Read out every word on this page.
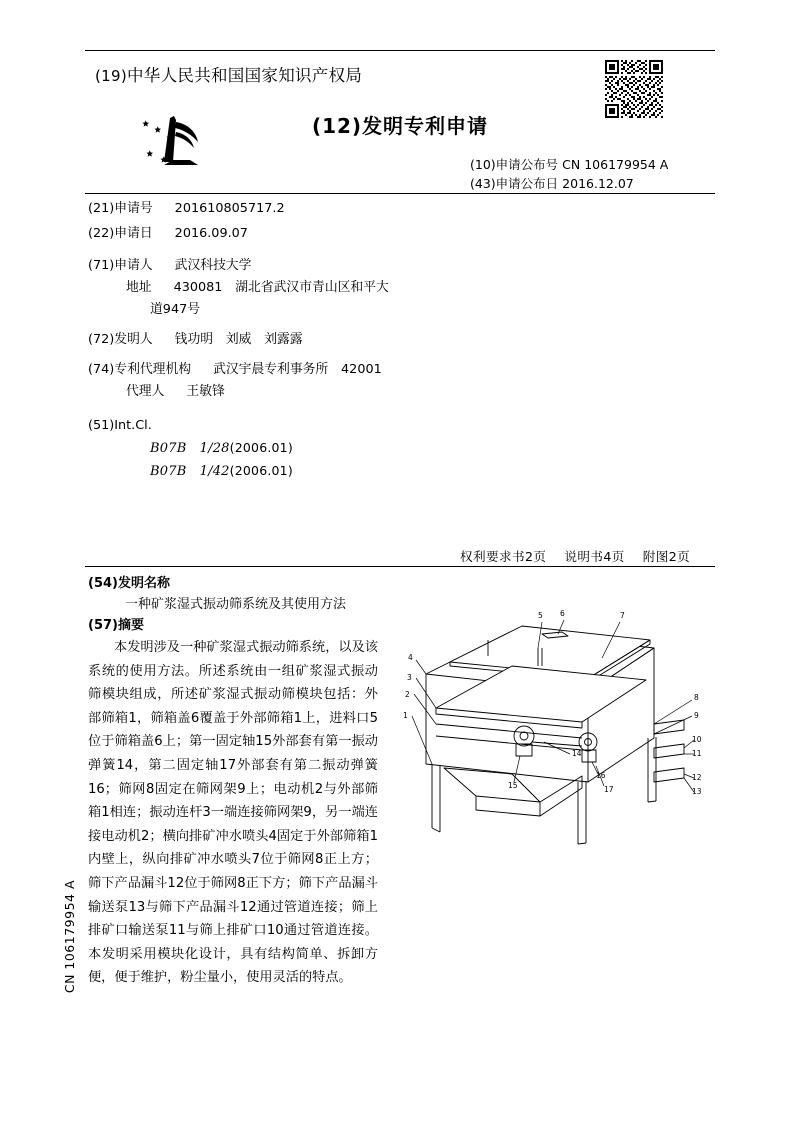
(19)中华人民共和国国家知识产权局
(12)发明专利申请
(10)申请公布号 CN 106179954 A
(43)申请公布日 2016.12.07
(21)申请号 201610805717.2
(22)申请日 2016.09.07
(71)申请人 武汉科技大学
地址 430081　湖北省武汉市青山区和平大
道947号
(72)发明人 钱功明　刘威　刘露露
(74)专利代理机构 武汉宇晨专利事务所　42001
代理人 王敏锋
(51)Int.Cl.
B07B　1/28(2006.01)
B07B　1/42(2006.01)
权利要求书2页 说明书4页 附图2页
(54)发明名称
一种矿浆湿式振动筛系统及其使用方法
(57)摘要

本发明涉及一种矿浆湿式振动筛系统，以及该系统的使用方法。所述系统由一组矿浆湿式振动筛模块组成，所述矿浆湿式振动筛模块包括：外部筛箱1，筛箱盖6覆盖于外部筛箱1上，进料口5位于筛箱盖6上；第一固定轴15外部套有第一振动弹簧14，第二固定轴17外部套有第二振动弹簧16；筛网8固定在筛网架9上；电动机2与外部筛箱1相连；振动连杆3一端连接筛网架9，另一端连接电动机2；横向排矿冲水喷头4固定于外部筛箱1内壁上，纵向排矿冲水喷头7位于筛网8正上方；筛下产品漏斗12位于筛网8正下方；筛下产品漏斗输送泵13与筛下产品漏斗12通过管道连接；筛上排矿口输送泵11与筛上排矿口10通过管道连接。本发明采用模块化设计，具有结构简单、拆卸方便，便于维护，粉尘量小，使用灵活的特点。

CN 106179954 A
5 6	7
4
3
2
1
8
9
10
11
12
13
14
15
16
17
